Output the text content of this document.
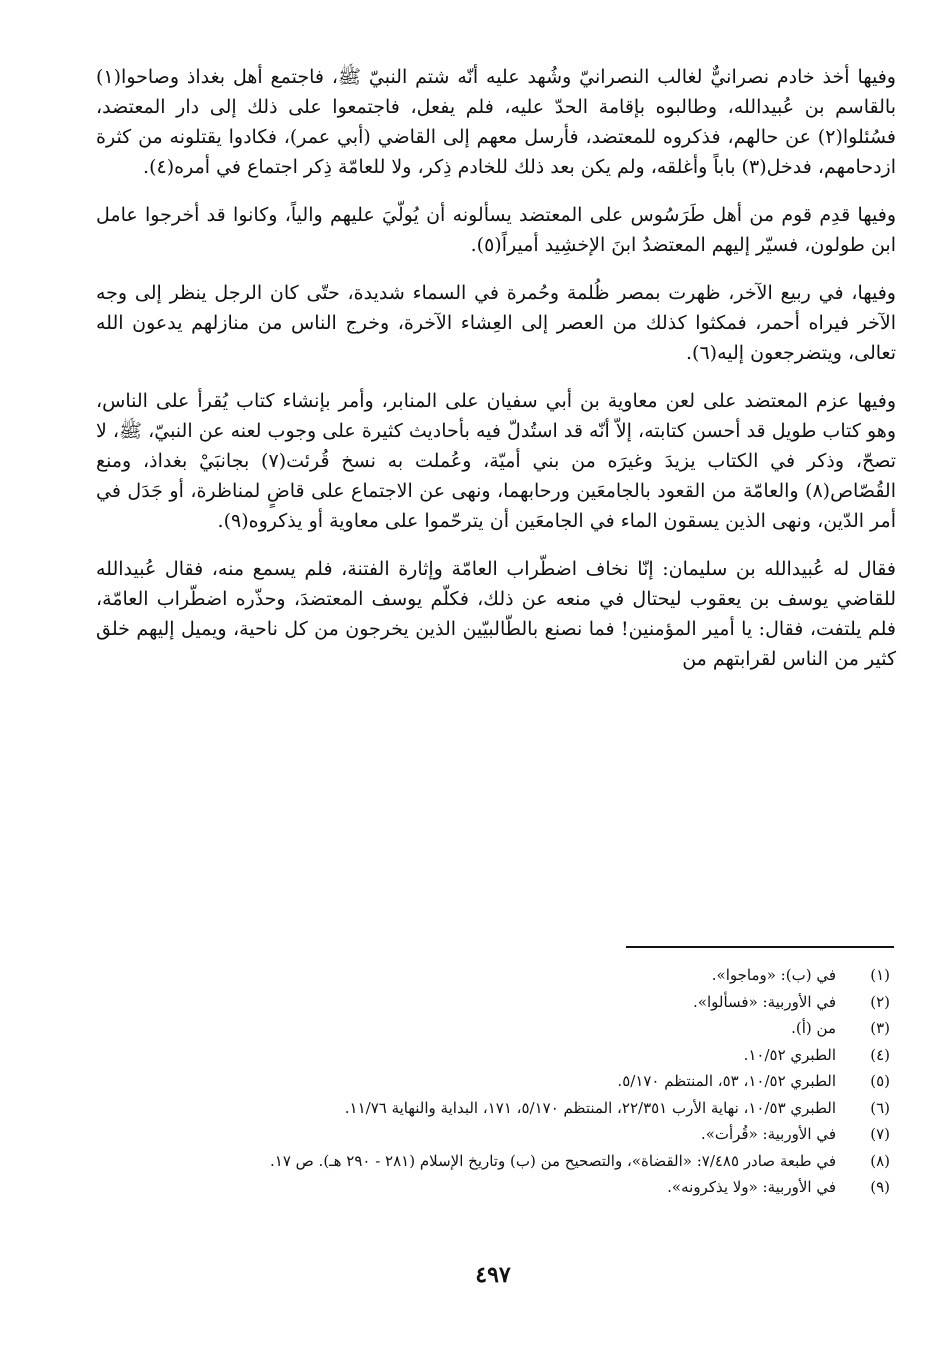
وفيها أخذ خادم نصرانيٌّ لغالب النصرانيّ وشُهد عليه أنّه شتم النبيّ ﷺ، فاجتمع أهل بغداذ وصاحوا(١) بالقاسم بن عُبيدالله، وطالبوه بإقامة الحدّ عليه، فلم يفعل، فاجتمعوا على ذلك إلى دار المعتضد، فسُئلوا(٢) عن حالهم، فذكروه للمعتضد، فأرسل معهم إلى القاضي (أبي عمر)، فكادوا يقتلونه من كثرة ازدحامهم، فدخل(٣) باباً وأغلقه، ولم يكن بعد ذلك للخادم ذِكر، ولا للعامّة ذِكر اجتماع في أمره(٤).

وفيها قدِم قوم من أهل طَرَسُوس على المعتضد يسألونه أن يُولّيَ عليهم والياً، وكانوا قد أخرجوا عامل ابن طولون، فسيّر إليهم المعتضدُ ابنَ الإخشِيد أميراً(٥).

وفيها، في ربيع الآخر، ظهرت بمصر ظُلمة وحُمرة في السماء شديدة، حتّى كان الرجل ينظر إلى وجه الآخر فيراه أحمر، فمكثوا كذلك من العصر إلى العِشاء الآخرة، وخرج الناس من منازلهم يدعون الله تعالى، ويتضرجعون إليه(٦).

وفيها عزم المعتضد على لعن معاوية بن أبي سفيان على المنابر، وأمر بإنشاء كتاب يُقرأ على الناس، وهو كتاب طويل قد أحسن كتابته، إلاّ أنّه قد استُدلّ فيه بأحاديث كثيرة على وجوب لعنه عن النبيّ، ﷺ، لا تصحّ، وذكر في الكتاب يزيدَ وغيرَه من بني أميّة، وعُملت به نسخ قُرئت(٧) بجانبَيْ بغداذ، ومنع القُصّاص(٨) والعامّة من القعود بالجامعَين ورحابهما، ونهى عن الاجتماع على قاضٍ لمناظرة، أو جَدَل في أمر الدّين، ونهى الذين يسقون الماء في الجامعَين أن يترحّموا على معاوية أو يذكروه(٩).

فقال له عُبيدالله بن سليمان: إنّا نخاف اضطّراب العامّة وإثارة الفتنة، فلم يسمع منه، فقال عُبيدالله للقاضي يوسف بن يعقوب ليحتال في منعه عن ذلك، فكلّم يوسف المعتضدَ، وحذّره اضطّراب العامّة، فلم يلتفت، فقال: يا أمير المؤمنين! فما نصنع بالطّالبيّين الذين يخرجون من كل ناحية، ويميل إليهم خلق كثير من الناس لقرابتهم من

(١)
في (ب): «وماجوا».
(٢)
في الأوربية: «فسألوا».
(٣)
من (أ).
(٤)
الطبري ١٠/٥٢.
(٥)
الطبري ١٠/٥٢، ٥٣، المنتظم ٥/١٧٠.
(٦)
الطبري ١٠/٥٣، نهاية الأرب ٢٢/٣٥١، المنتظم ٥/١٧٠، ١٧١، البداية والنهاية ١١/٧٦.
(٧)
في الأوربية: «قُرأت».
(٨)
في طبعة صادر ٧/٤٨٥: «القضاة»، والتصحيح من (ب) وتاريخ الإسلام (٢٨١ - ٢٩٠ هـ). ص ١٧.
(٩)
في الأوربية: «ولا يذكرونه».
٤٩٧
